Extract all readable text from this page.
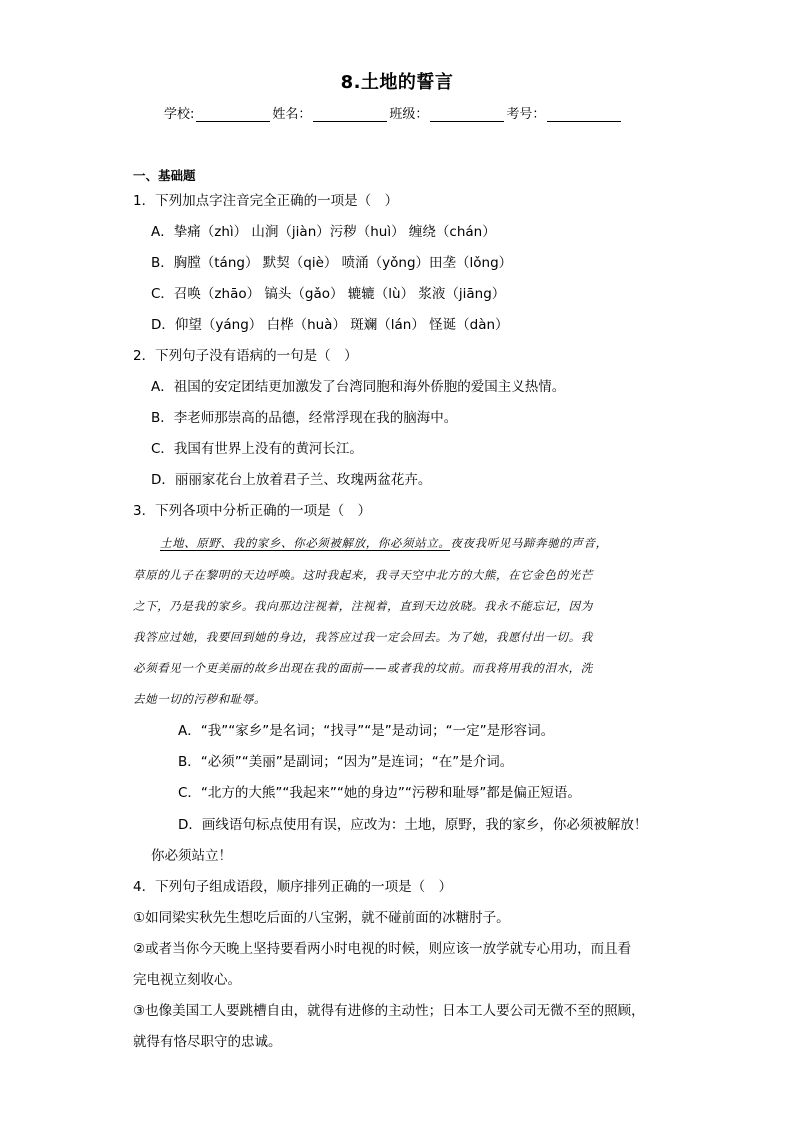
8.土地的誓言
学校:	姓名：	班级：	考号：
一、基础题
1．下列加点字注音完全正确的一项是（　）
A．挚痛（zhì） 山涧（jiàn）污秽（huì） 缠绕（chán）
B．胸膛（táng） 默契（qiè） 喷涌（yǒng）田垄（lǒng）
C．召唤（zhāo） 镐头（gǎo） 辘辘（lù） 浆液（jiāng）
D．仰望（yáng） 白桦（huà） 斑斓（lán） 怪诞（dàn）
2．下列句子没有语病的一句是（　）
A．祖国的安定团结更加激发了台湾同胞和海外侨胞的爱国主义热情。
B．李老师那崇高的品德，经常浮现在我的脑海中。
C．我国有世界上没有的黄河长江。
D．丽丽家花台上放着君子兰、玫瑰两盆花卉。
3．下列各项中分析正确的一项是（　）
土地、原野、我的家乡、你必须被解放，你必须站立。夜夜我听见马蹄奔驰的声音，
草原的儿子在黎明的天边呼唤。这时我起来，我寻天空中北方的大熊，在它金色的光芒
之下，乃是我的家乡。我向那边注视着，注视着，直到天边放晓。我永不能忘记，因为
我答应过她，我要回到她的身边，我答应过我一定会回去。为了她，我愿付出一切。我
必须看见一个更美丽的故乡出现在我的面前——或者我的坟前。而我将用我的泪水，洗
去她一切的污秽和耻辱。
A．“我”“家乡”是名词；“找寻”“是”是动词；“一定”是形容词。
B．“必须”“美丽”是副词；“因为”是连词；“在”是介词。
C．“北方的大熊”“我起来”“她的身边”“污秽和耻辱”都是偏正短语。
D．画线语句标点使用有误，应改为：土地，原野，我的家乡，你必须被解放！
你必须站立！
4．下列句子组成语段，顺序排列正确的一项是（　）
①如同梁实秋先生想吃后面的八宝粥，就不碰前面的冰糖肘子。
②或者当你今天晚上坚持要看两小时电视的时候，则应该一放学就专心用功，而且看
完电视立刻收心。
③也像美国工人要跳槽自由，就得有进修的主动性；日本工人要公司无微不至的照顾，
就得有恪尽职守的忠诚。
